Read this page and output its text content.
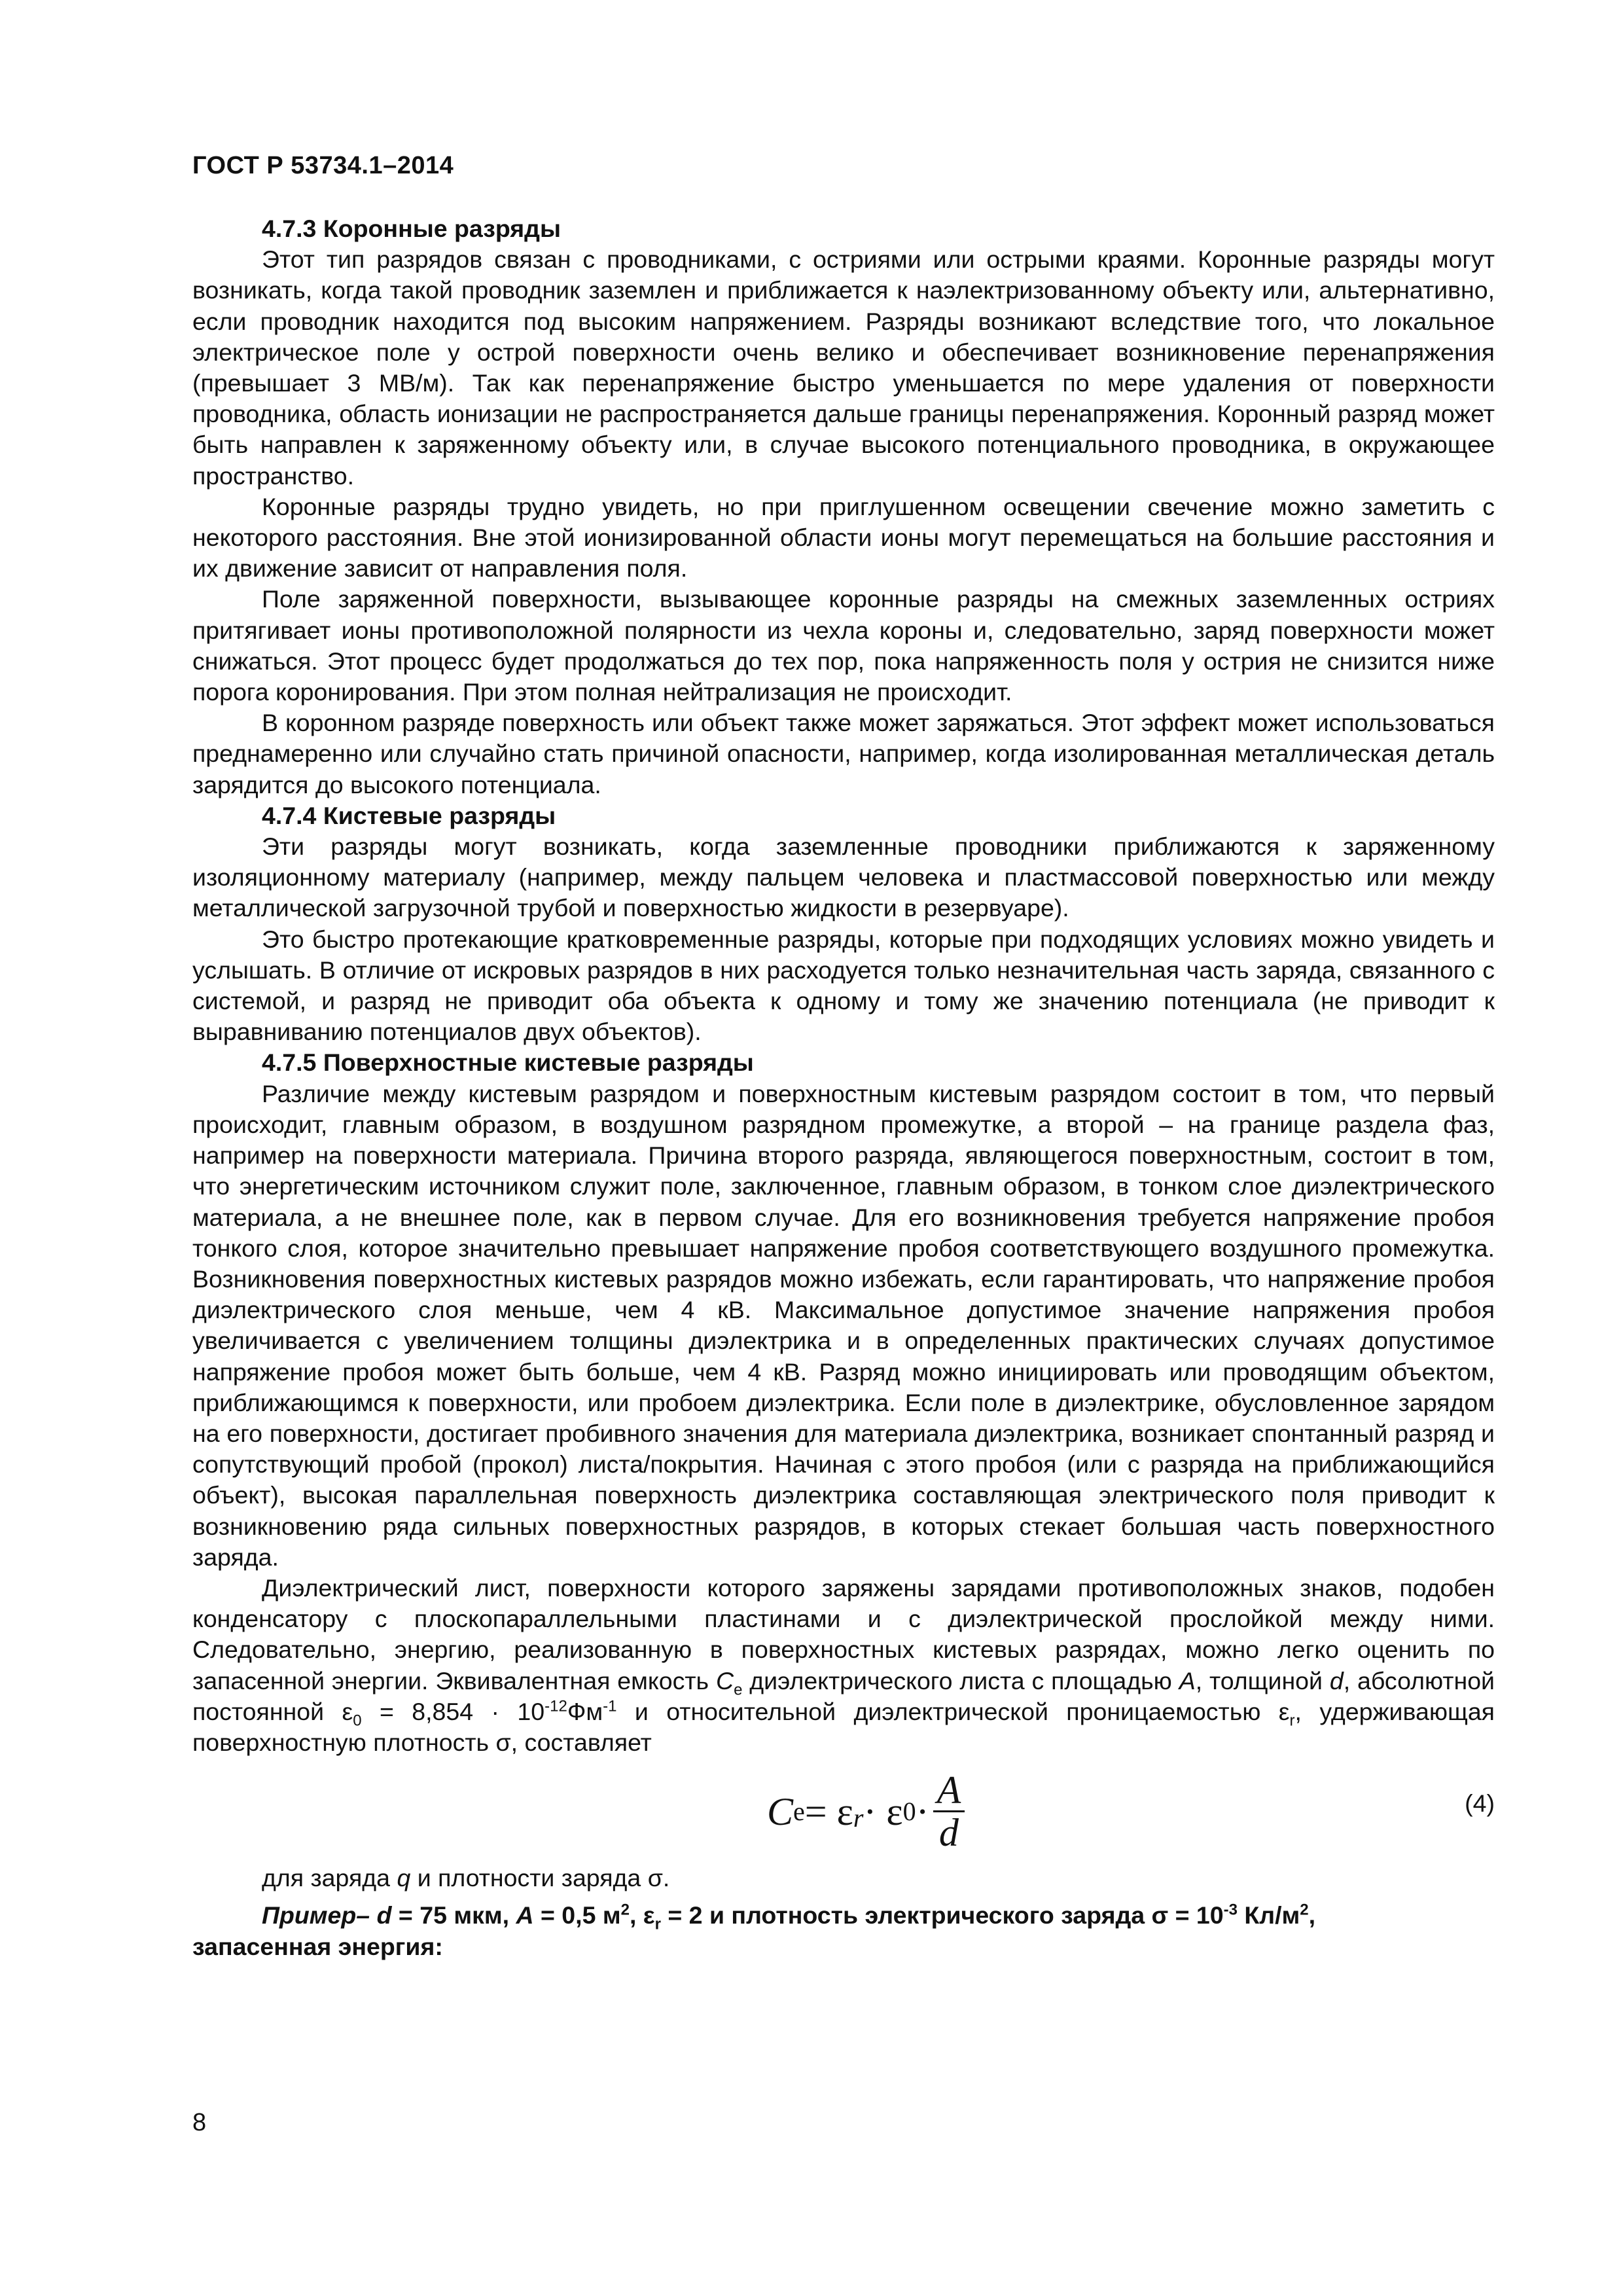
ГОСТ Р 53734.1–2014
4.7.3 Коронные разряды

Этот тип разрядов связан с проводниками, с остриями или острыми краями. Коронные разряды могут возникать, когда такой проводник заземлен и приближается к наэлектризованному объекту или, альтернативно, если проводник находится под высоким напряжением. Разряды возникают вследствие того, что локальное электрическое поле у острой поверхности очень велико и обеспечивает возникновение перенапряжения (превышает 3 МВ/м). Так как перенапряжение быстро уменьшается по мере удаления от поверхности проводника, область ионизации не распространяется дальше границы перенапряжения. Коронный разряд может быть направлен к заряженному объекту или, в случае высокого потенциального проводника, в окружающее пространство.

Коронные разряды трудно увидеть, но при приглушенном освещении свечение можно заметить с некоторого расстояния. Вне этой ионизированной области ионы могут перемещаться на большие расстояния и их движение зависит от направления поля.

Поле заряженной поверхности, вызывающее коронные разряды на смежных заземленных остриях притягивает ионы противоположной полярности из чехла короны и, следовательно, заряд поверхности может снижаться. Этот процесс будет продолжаться до тех пор, пока напряженность поля у острия не снизится ниже порога коронирования. При этом полная нейтрализация не происходит.

В коронном разряде поверхность или объект также может заряжаться. Этот эффект может использоваться преднамеренно или случайно стать причиной опасности, например, когда изолированная металлическая деталь зарядится до высокого потенциала.

4.7.4 Кистевые разряды

Эти разряды могут возникать, когда заземленные проводники приближаются к заряженному изоляционному материалу (например, между пальцем человека и пластмассовой поверхностью или между металлической загрузочной трубой и поверхностью жидкости в резервуаре).

Это быстро протекающие кратковременные разряды, которые при подходящих условиях можно увидеть и услышать. В отличие от искровых разрядов в них расходуется только незначительная часть заряда, связанного с системой, и разряд не приводит оба объекта к одному и тому же значению потенциала (не приводит к выравниванию потенциалов двух объектов).

4.7.5 Поверхностные кистевые разряды

Различие между кистевым разрядом и поверхностным кистевым разрядом состоит в том, что первый происходит, главным образом, в воздушном разрядном промежутке, а второй – на границе раздела фаз, например на поверхности материала. Причина второго разряда, являющегося поверхностным, состоит в том, что энергетическим источником служит поле, заключенное, главным образом, в тонком слое диэлектрического материала, а не внешнее поле, как в первом случае. Для его возникновения требуется напряжение пробоя тонкого слоя, которое значительно превышает напряжение пробоя соответствующего воздушного промежутка. Возникновения поверхностных кистевых разрядов можно избежать, если гарантировать, что напряжение пробоя диэлектрического слоя меньше, чем 4 кВ. Максимальное допустимое значение напряжения пробоя увеличивается с увеличением толщины диэлектрика и в определенных практических случаях допустимое напряжение пробоя может быть больше, чем 4 кВ. Разряд можно инициировать или проводящим объектом, приближающимся к поверхности, или пробоем диэлектрика. Если поле в диэлектрике, обусловленное зарядом на его поверхности, достигает пробивного значения для материала диэлектрика, возникает спонтанный разряд и сопутствующий пробой (прокол) листа/покрытия. Начиная с этого пробоя (или с разряда на приближающийся объект), высокая параллельная поверхность диэлектрика составляющая электрического поля приводит к возникновению ряда сильных поверхностных разрядов, в которых стекает большая часть поверхностного заряда.

Диэлектрический лист, поверхности которого заряжены зарядами противоположных знаков, подобен конденсатору с плоскопараллельными пластинами и с диэлектрической прослойкой между ними. Следовательно, энергию, реализованную в поверхностных кистевых разрядах, можно легко оценить по запасенной энергии. Эквивалентная емкость $C_e$ диэлектрического листа с площадью A, толщиной d, абсолютной постоянной $\varepsilon_0 = 8,854 \cdot 10^{-12}Фм^{-1}$ и относительной диэлектрической проницаемостью $\varepsilon_r$, удерживающая поверхностную плотность σ, составляет

C e = ε $_r$ · ε $0 \cdot \frac{A}{d}$	(4)

для заряда q и плотности заряда σ.

Пример– d = 75 мкм, A = 0,5 $м^2$, $\varepsilon_r = 2$ и плотность электрического заряда $\sigma = 10^{-3}$ $Кл/м^2$,

запасенная энергия:

8
